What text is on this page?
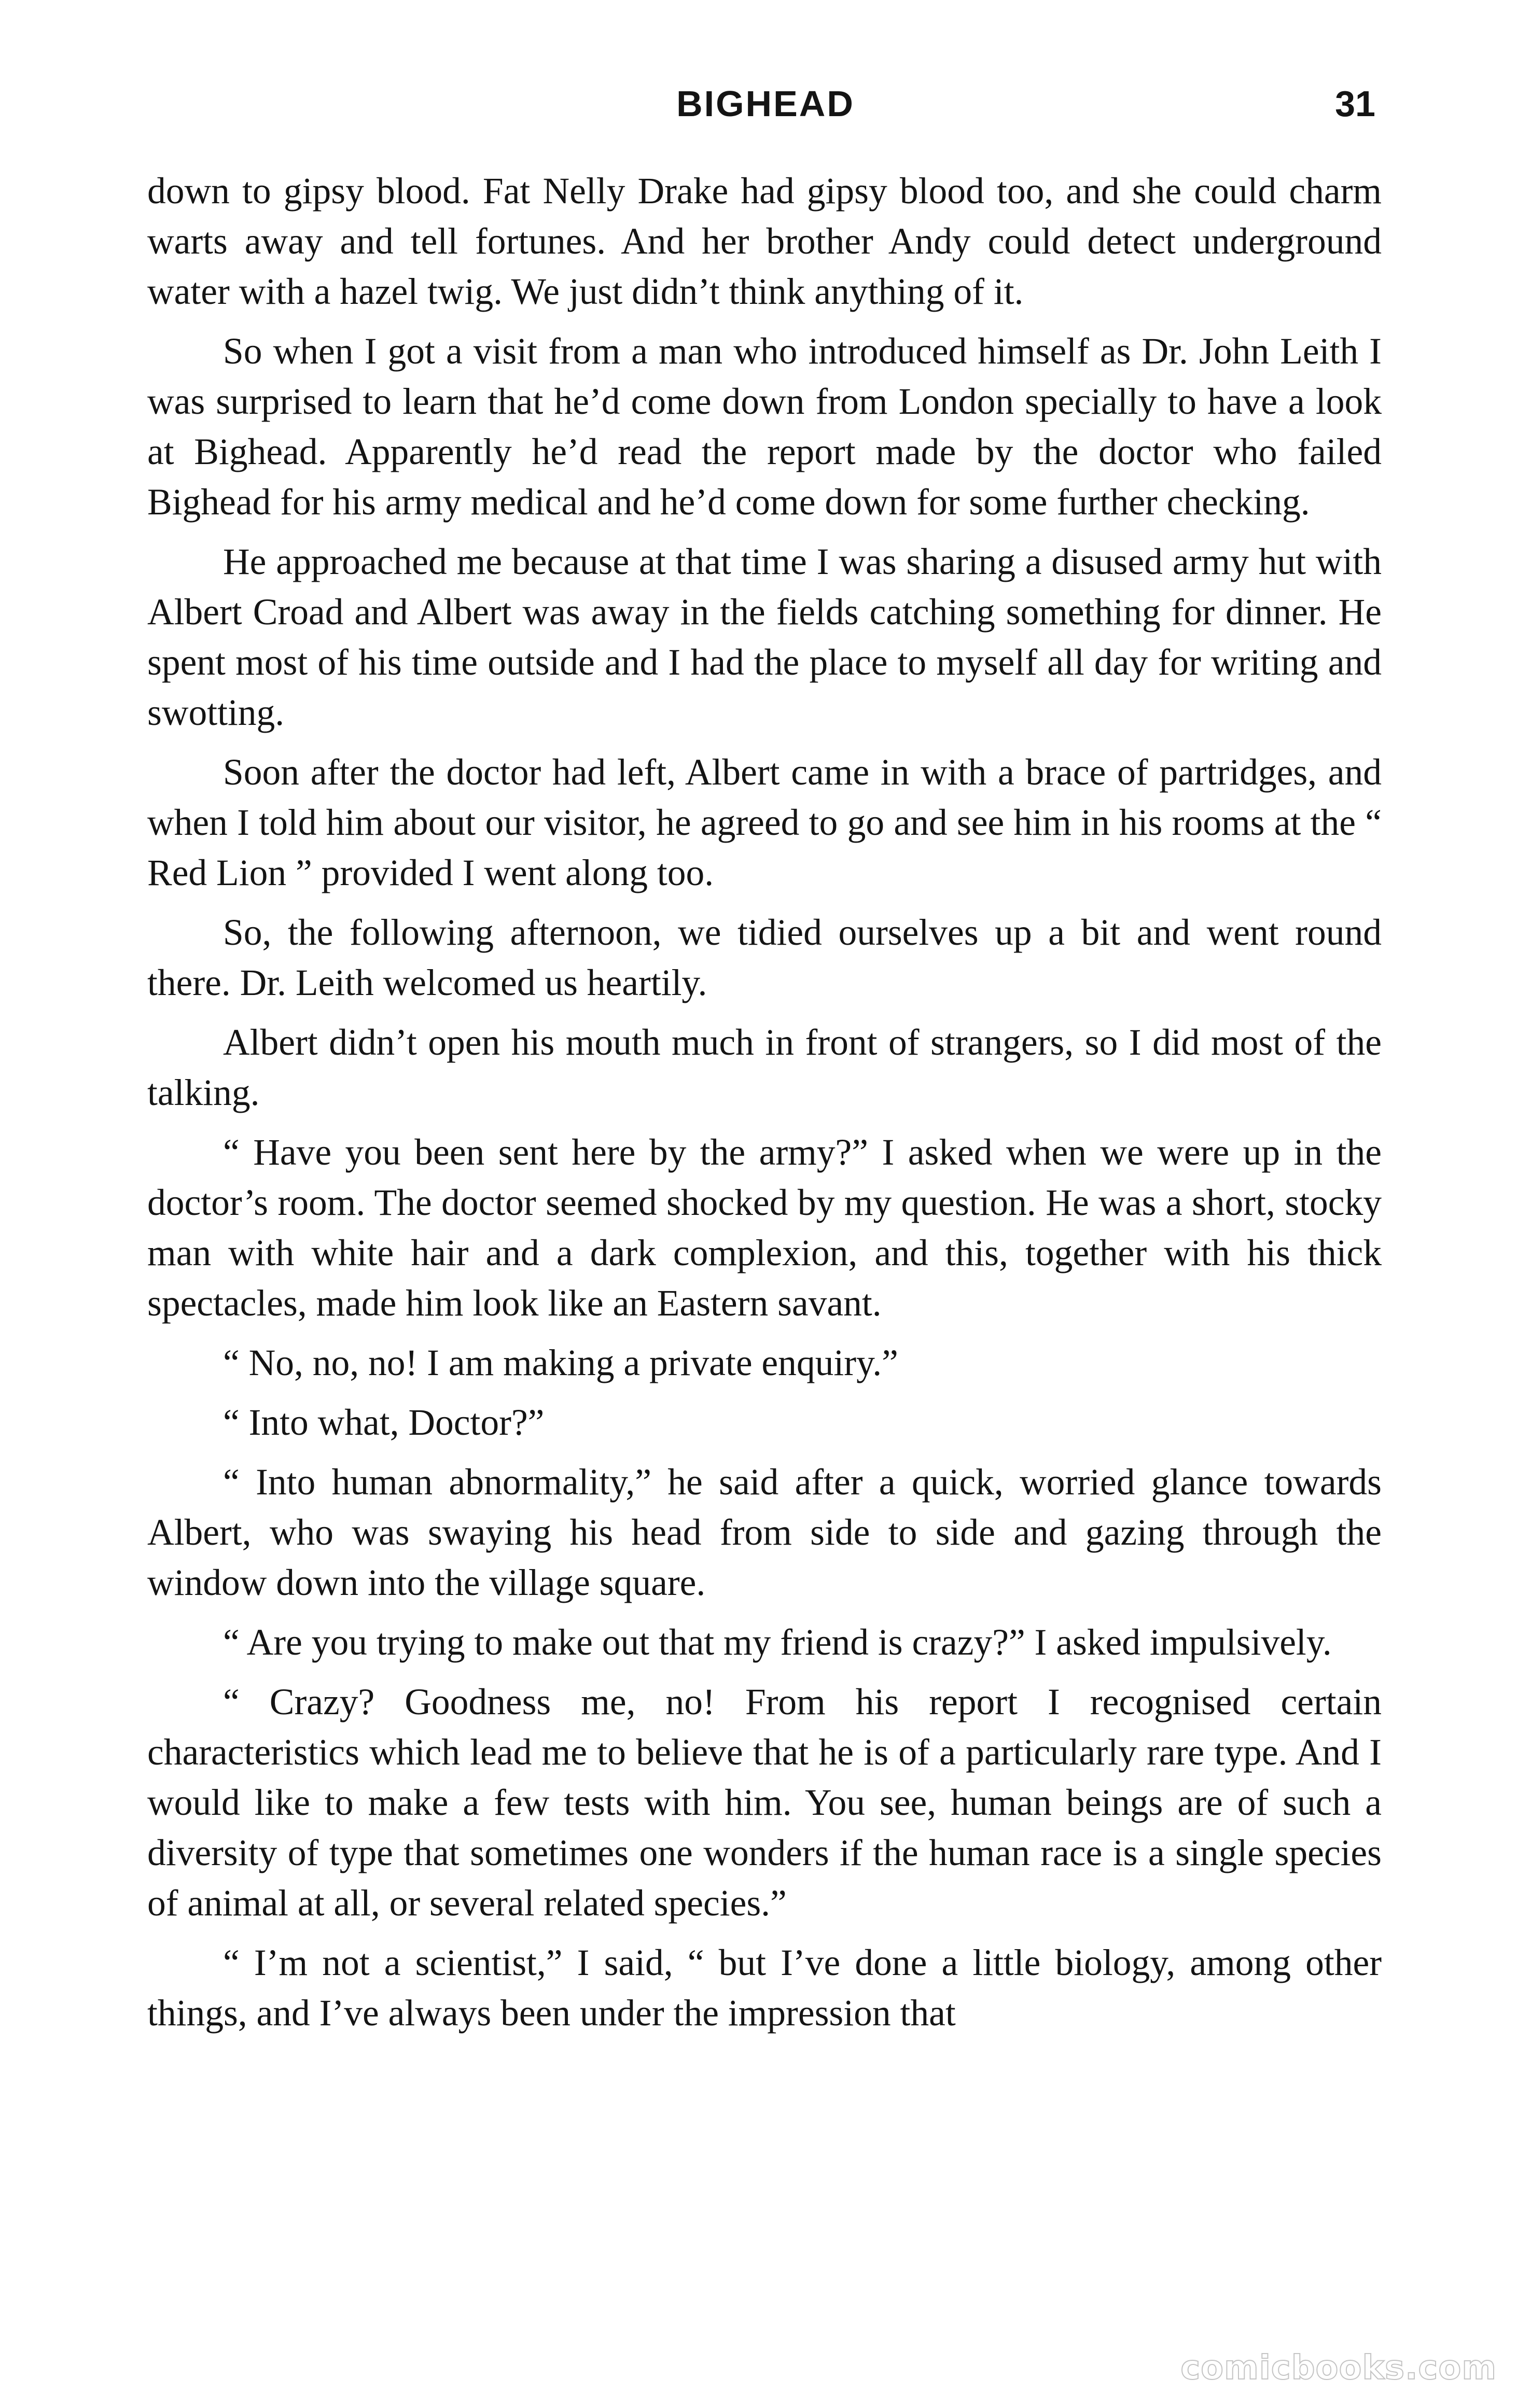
BIGHEAD	31

down to gipsy blood. Fat Nelly Drake had gipsy blood too, and she could charm warts away and tell fortunes. And her brother Andy could detect underground water with a hazel twig. We just didn’t think anything of it.

So when I got a visit from a man who introduced himself as Dr. John Leith I was surprised to learn that he’d come down from London specially to have a look at Bighead. Apparently he’d read the report made by the doctor who failed Bighead for his army medical and he’d come down for some further checking.

He approached me because at that time I was sharing a disused army hut with Albert Croad and Albert was away in the fields catching something for dinner. He spent most of his time outside and I had the place to myself all day for writing and swotting.

Soon after the doctor had left, Albert came in with a brace of partridges, and when I told him about our visitor, he agreed to go and see him in his rooms at the “ Red Lion ” provided I went along too.

So, the following afternoon, we tidied ourselves up a bit and went round there. Dr. Leith welcomed us heartily.

Albert didn’t open his mouth much in front of strangers, so I did most of the talking.

“ Have you been sent here by the army?” I asked when we were up in the doctor’s room. The doctor seemed shocked by my question. He was a short, stocky man with white hair and a dark complexion, and this, together with his thick spectacles, made him look like an Eastern savant.

“ No, no, no! I am making a private enquiry.”

“ Into what, Doctor?”

“ Into human abnormality,” he said after a quick, worried glance towards Albert, who was swaying his head from side to side and gazing through the window down into the village square.

“ Are you trying to make out that my friend is crazy?” I asked impulsively.

“ Crazy? Goodness me, no! From his report I recognised certain characteristics which lead me to believe that he is of a particularly rare type. And I would like to make a few tests with him. You see, human beings are of such a diversity of type that sometimes one wonders if the human race is a single species of animal at all, or several related species.”

“ I’m not a scientist,” I said, “ but I’ve done a little biology, among other things, and I’ve always been under the impression that

comicbooks.com
